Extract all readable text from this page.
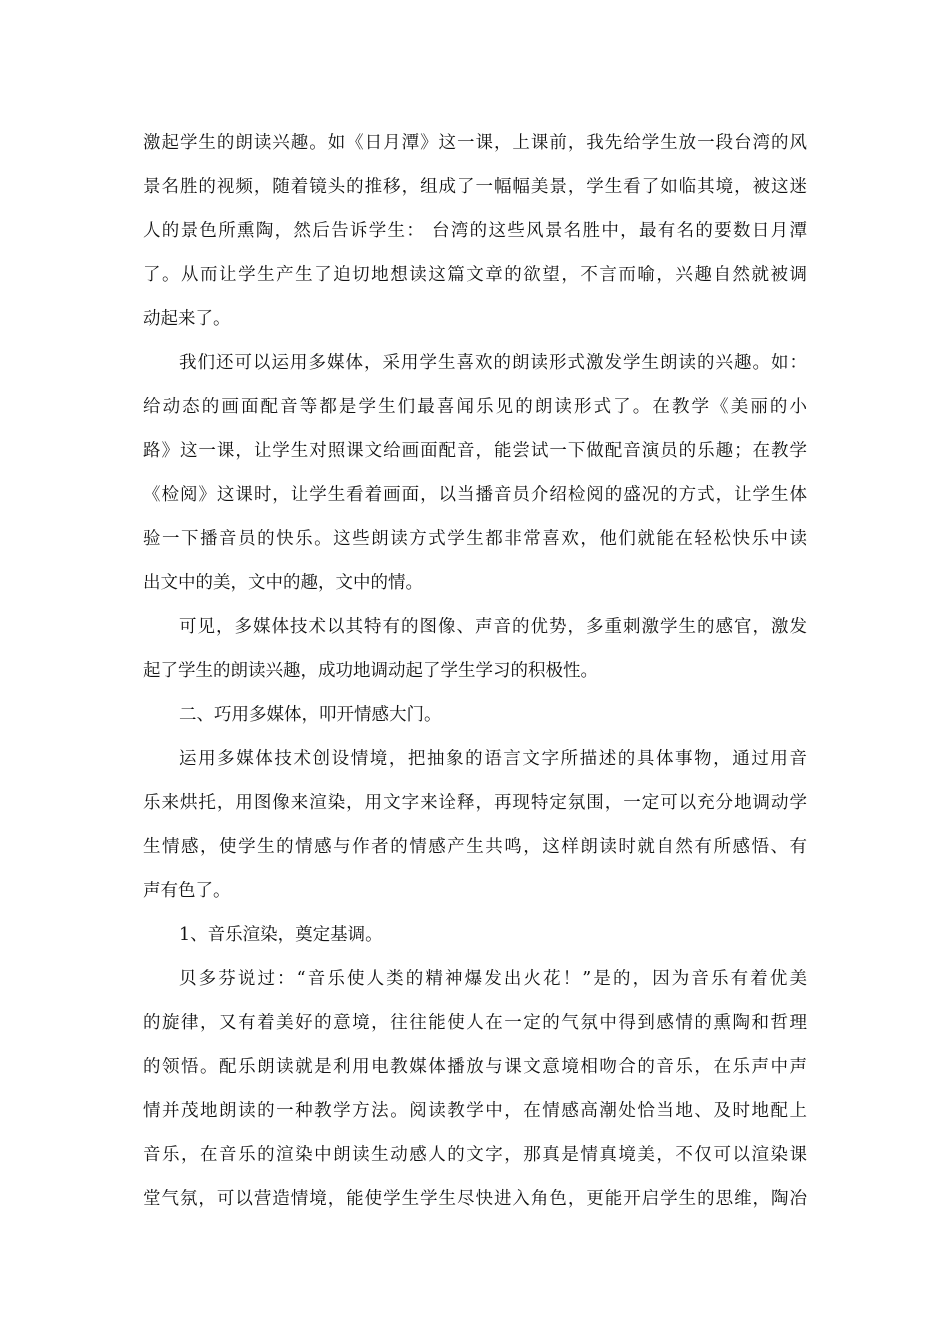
激起学生的朗读兴趣。如《日月潭》这一课，上课前，我先给学生放一段台湾的风
景名胜的视频，随着镜头的推移，组成了一幅幅美景，学生看了如临其境，被这迷
人的景色所熏陶，然后告诉学生： 台湾的这些风景名胜中，最有名的要数日月潭
了。从而让学生产生了迫切地想读这篇文章的欲望，不言而喻，兴趣自然就被调
动起来了。
我们还可以运用多媒体，采用学生喜欢的朗读形式激发学生朗读的兴趣。如：
给动态的画面配音等都是学生们最喜闻乐见的朗读形式了。在教学《美丽的小
路》这一课，让学生对照课文给画面配音，能尝试一下做配音演员的乐趣；在教学
《检阅》这课时，让学生看着画面，以当播音员介绍检阅的盛况的方式，让学生体
验一下播音员的快乐。这些朗读方式学生都非常喜欢，他们就能在轻松快乐中读
出文中的美，文中的趣，文中的情。
可见，多媒体技术以其特有的图像、声音的优势，多重刺激学生的感官，激发
起了学生的朗读兴趣，成功地调动起了学生学习的积极性。
二、巧用多媒体，叩开情感大门。
运用多媒体技术创设情境，把抽象的语言文字所描述的具体事物，通过用音
乐来烘托，用图像来渲染，用文字来诠释，再现特定氛围，一定可以充分地调动学
生情感，使学生的情感与作者的情感产生共鸣，这样朗读时就自然有所感悟、有
声有色了。
1、音乐渲染，奠定基调。
贝多芬说过：“音乐使人类的精神爆发出火花！”是的，因为音乐有着优美
的旋律，又有着美好的意境，往往能使人在一定的气氛中得到感情的熏陶和哲理
的领悟。配乐朗读就是利用电教媒体播放与课文意境相吻合的音乐，在乐声中声
情并茂地朗读的一种教学方法。阅读教学中，在情感高潮处恰当地、及时地配上
音乐，在音乐的渲染中朗读生动感人的文字，那真是情真境美，不仅可以渲染课
堂气氛，可以营造情境，能使学生学生尽快进入角色，更能开启学生的思维，陶冶
